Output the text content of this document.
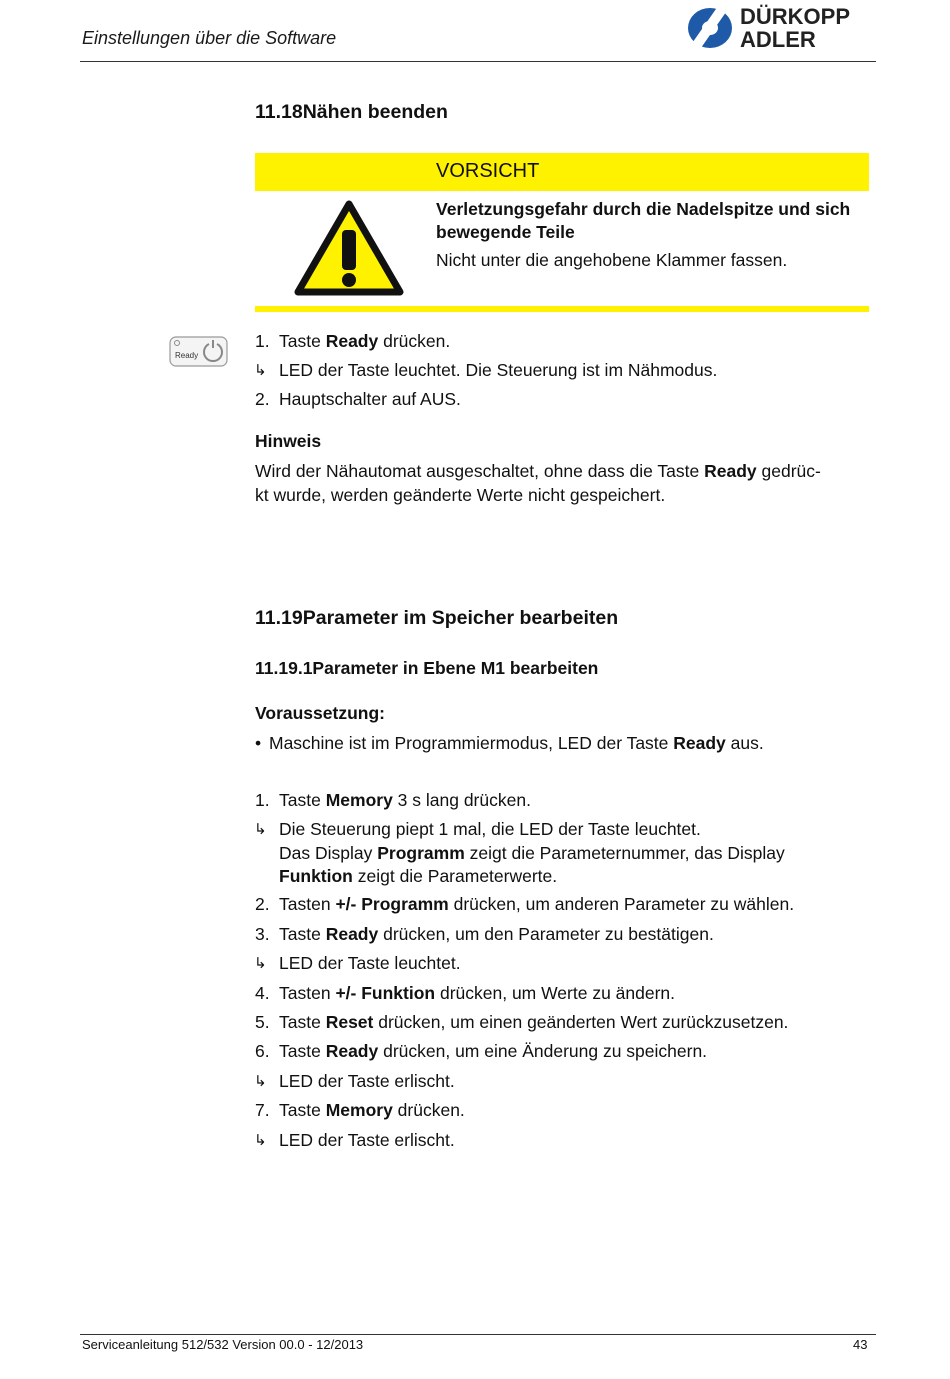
Einstellungen über die Software
DÜRKOPP
ADLER
11.18Nähen beenden
VORSICHT
Verletzungsgefahr durch die Nadelspitze und sich bewegende Teile
Nicht unter die angehobene Klammer fassen.
Ready
1. Taste Ready drücken.
↳ LED der Taste leuchtet. Die Steuerung ist im Nähmodus.
2. Hauptschalter auf AUS.
Hinweis
Wird der Nähautomat ausgeschaltet, ohne dass die Taste Ready gedrüc-
kt wurde, werden geänderte Werte nicht gespeichert.
11.19Parameter im Speicher bearbeiten
11.19.1Parameter in Ebene M1 bearbeiten
Voraussetzung:
• Maschine ist im Programmiermodus, LED der Taste Ready aus.
1. Taste Memory 3 s lang drücken.
↳ Die Steuerung piept 1 mal, die LED der Taste leuchtet.
Das Display Programm zeigt die Parameternummer, das Display
Funktion zeigt die Parameterwerte.
2. Tasten +/- Programm drücken, um anderen Parameter zu wählen.
3. Taste Ready drücken, um den Parameter zu bestätigen.
↳ LED der Taste leuchtet.
4. Tasten +/- Funktion drücken, um Werte zu ändern.
5. Taste Reset drücken, um einen geänderten Wert zurückzusetzen.
6. Taste Ready drücken, um eine Änderung zu speichern.
↳ LED der Taste erlischt.
7. Taste Memory drücken.
↳ LED der Taste erlischt.
Serviceanleitung 512/532 Version 00.0 - 12/2013	43
